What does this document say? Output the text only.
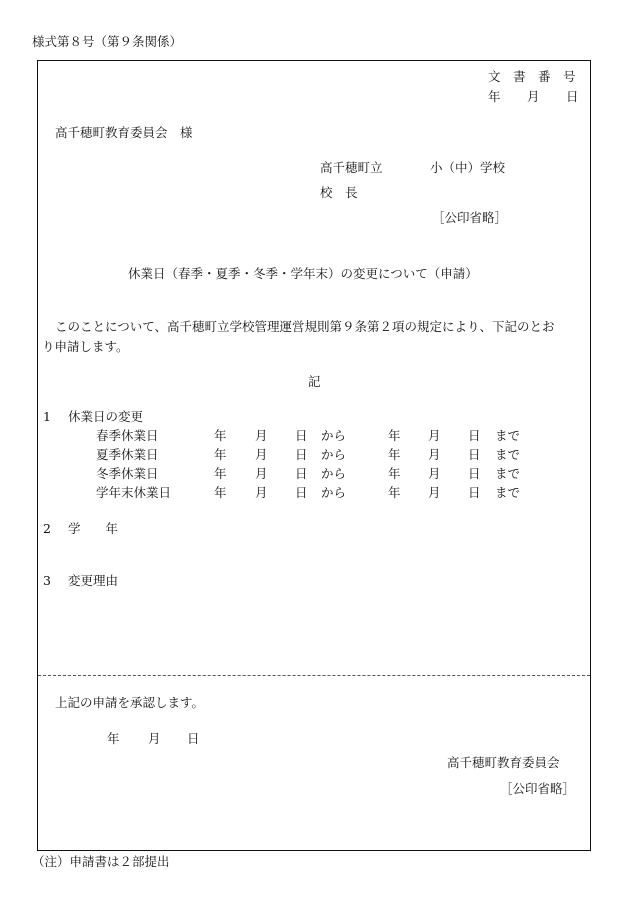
様式第８号（第９条関係）
文　書　番　号
年 月 日
高千穂町教育委員会　様
高千穂町立	小（中）学校
校　長
［公印省略］
休業日（春季・夏季・冬季・学年末）の変更について（申請）
このことについて、高千穂町立学校管理運営規則第９条第２項の規定により、下記のとお
り申請します。
記
1 休業日の変更
春季休業日	年 月 日 から	年 月 日 まで
夏季休業日	年 月 日 から	年 月 日 まで
冬季休業日	年 月 日 から	年 月 日 まで
学年末休業日	年 月 日 から	年 月 日 まで
2 学　　年
3 変更理由
上記の申請を承認します。
年 月 日
高千穂町教育委員会
［公印省略］
（注）申請書は２部提出
